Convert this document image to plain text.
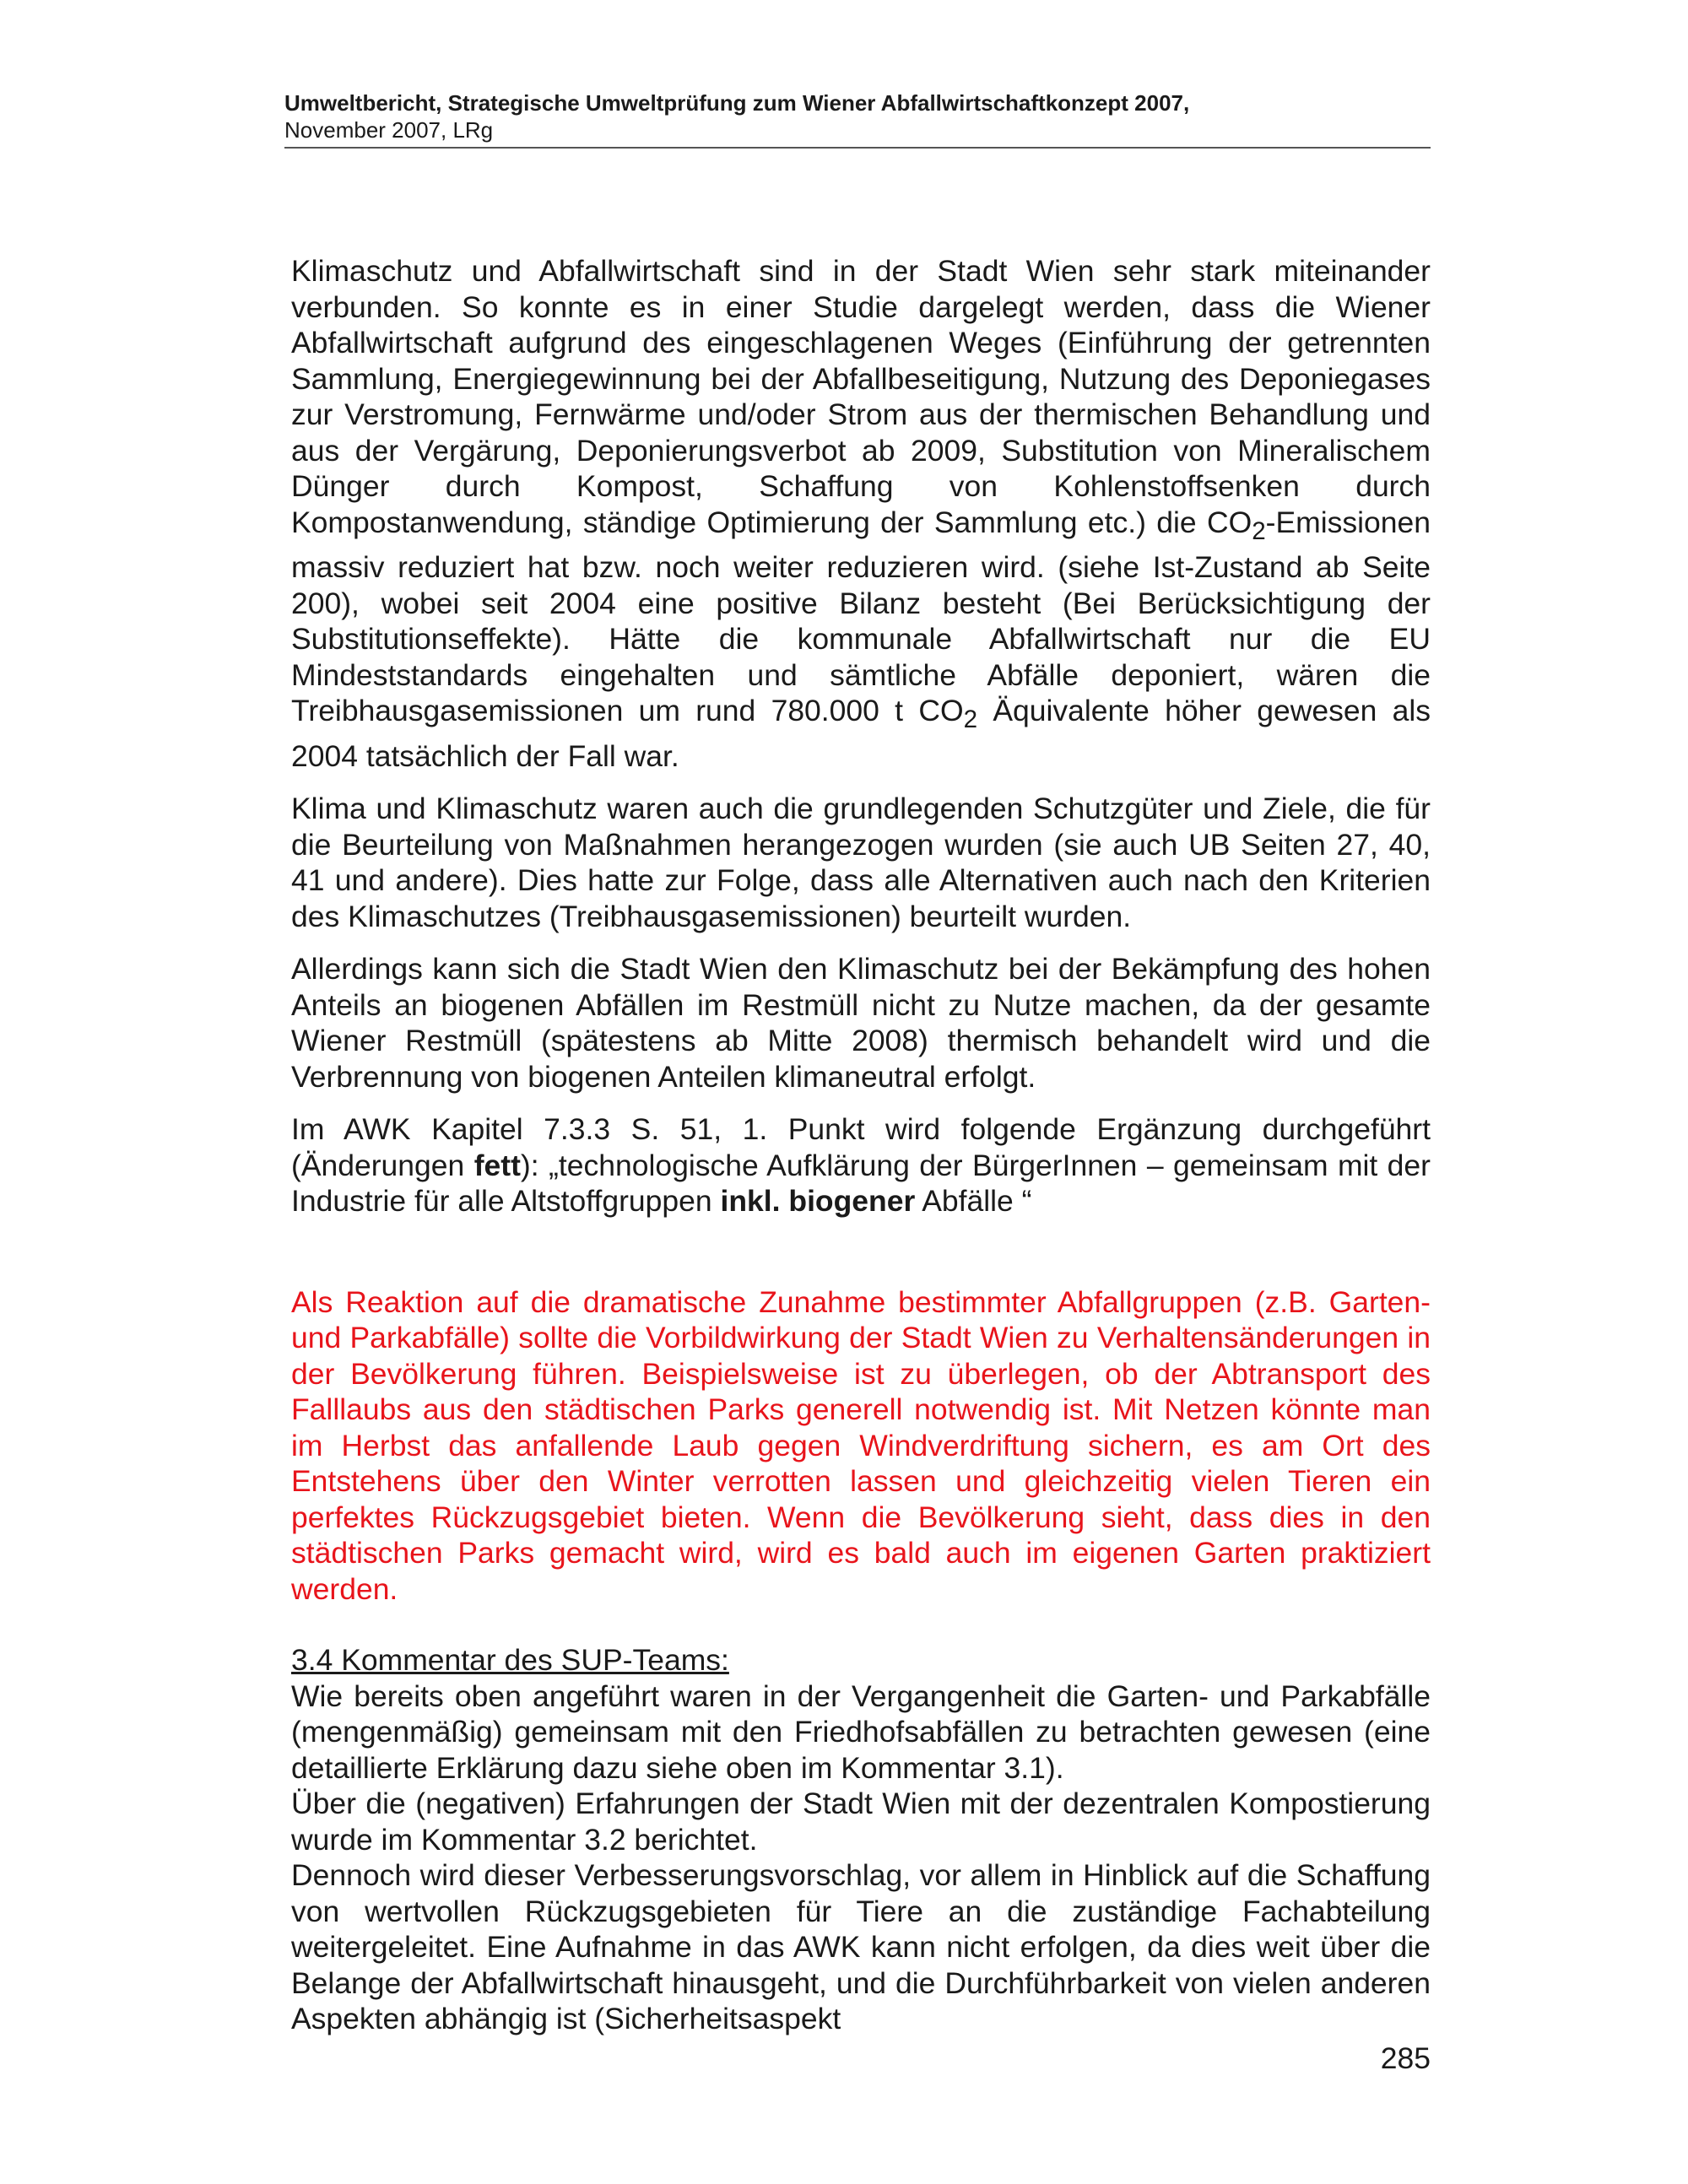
Umweltbericht, Strategische Umweltprüfung zum Wiener Abfallwirtschaftkonzept 2007,
November 2007, LRg

Klimaschutz und Abfallwirtschaft sind in der Stadt Wien sehr stark miteinander verbunden. So konnte es in einer Studie dargelegt werden, dass die Wiener Abfallwirtschaft aufgrund des eingeschlagenen Weges (Einführung der getrennten Sammlung, Energiegewinnung bei der Abfallbeseitigung, Nutzung des Deponiegases zur Verstromung, Fernwärme und/oder Strom aus der thermischen Behandlung und aus der Vergärung, Deponierungsverbot ab 2009, Substitution von Mineralischem Dünger durch Kompost, Schaffung von Kohlenstoffsenken durch Kompostanwendung, ständige Optimierung der Sammlung etc.) die $CO_2$-Emissionen massiv reduziert hat bzw. noch weiter reduzieren wird. (siehe Ist-Zustand ab Seite 200), wobei seit 2004 eine positive Bilanz besteht (Bei Berücksichtigung der Substitutionseffekte). Hätte die kommunale Abfallwirtschaft nur die EU Mindeststandards eingehalten und sämtliche Abfälle deponiert, wären die Treibhausgasemissionen um rund 780.000 t $CO_2$ Äquivalente höher gewesen als 2004 tatsächlich der Fall war.

Klima und Klimaschutz waren auch die grundlegenden Schutzgüter und Ziele, die für die Beurteilung von Maßnahmen herangezogen wurden (sie auch UB Seiten 27, 40, 41 und andere). Dies hatte zur Folge, dass alle Alternativen auch nach den Kriterien des Klimaschutzes (Treibhausgasemissionen) beurteilt wurden.

Allerdings kann sich die Stadt Wien den Klimaschutz bei der Bekämpfung des hohen Anteils an biogenen Abfällen im Restmüll nicht zu Nutze machen, da der gesamte Wiener Restmüll (spätestens ab Mitte 2008) thermisch behandelt wird und die Verbrennung von biogenen Anteilen klimaneutral erfolgt.

Im AWK Kapitel 7.3.3 S. 51, 1. Punkt wird folgende Ergänzung durchgeführt (Änderungen fett): „technologische Aufklärung der BürgerInnen – gemeinsam mit der Industrie für alle Altstoffgruppen inkl. biogener Abfälle “

Als Reaktion auf die dramatische Zunahme bestimmter Abfallgruppen (z.B. Garten- und Parkabfälle) sollte die Vorbildwirkung der Stadt Wien zu Verhaltensänderungen in der Bevölkerung führen. Beispielsweise ist zu überlegen, ob der Abtransport des Falllaubs aus den städtischen Parks generell notwendig ist. Mit Netzen könnte man im Herbst das anfallende Laub gegen Windverdriftung sichern, es am Ort des Entstehens über den Winter verrotten lassen und gleichzeitig vielen Tieren ein perfektes Rückzugsgebiet bieten. Wenn die Bevölkerung sieht, dass dies in den städtischen Parks gemacht wird, wird es bald auch im eigenen Garten praktiziert werden.

3.4 Kommentar des SUP-Teams:

Wie bereits oben angeführt waren in der Vergangenheit die Garten- und Parkabfälle (mengenmäßig) gemeinsam mit den Friedhofsabfällen zu betrachten gewesen (eine detaillierte Erklärung dazu siehe oben im Kommentar 3.1).

Über die (negativen) Erfahrungen der Stadt Wien mit der dezentralen Kompostierung wurde im Kommentar 3.2 berichtet.

Dennoch wird dieser Verbesserungsvorschlag, vor allem in Hinblick auf die Schaffung von wertvollen Rückzugsgebieten für Tiere an die zuständige Fachabteilung weitergeleitet. Eine Aufnahme in das AWK kann nicht erfolgen, da dies weit über die Belange der Abfallwirtschaft hinausgeht, und die Durchführbarkeit von vielen anderen Aspekten abhängig ist (Sicherheitsaspekt

285
